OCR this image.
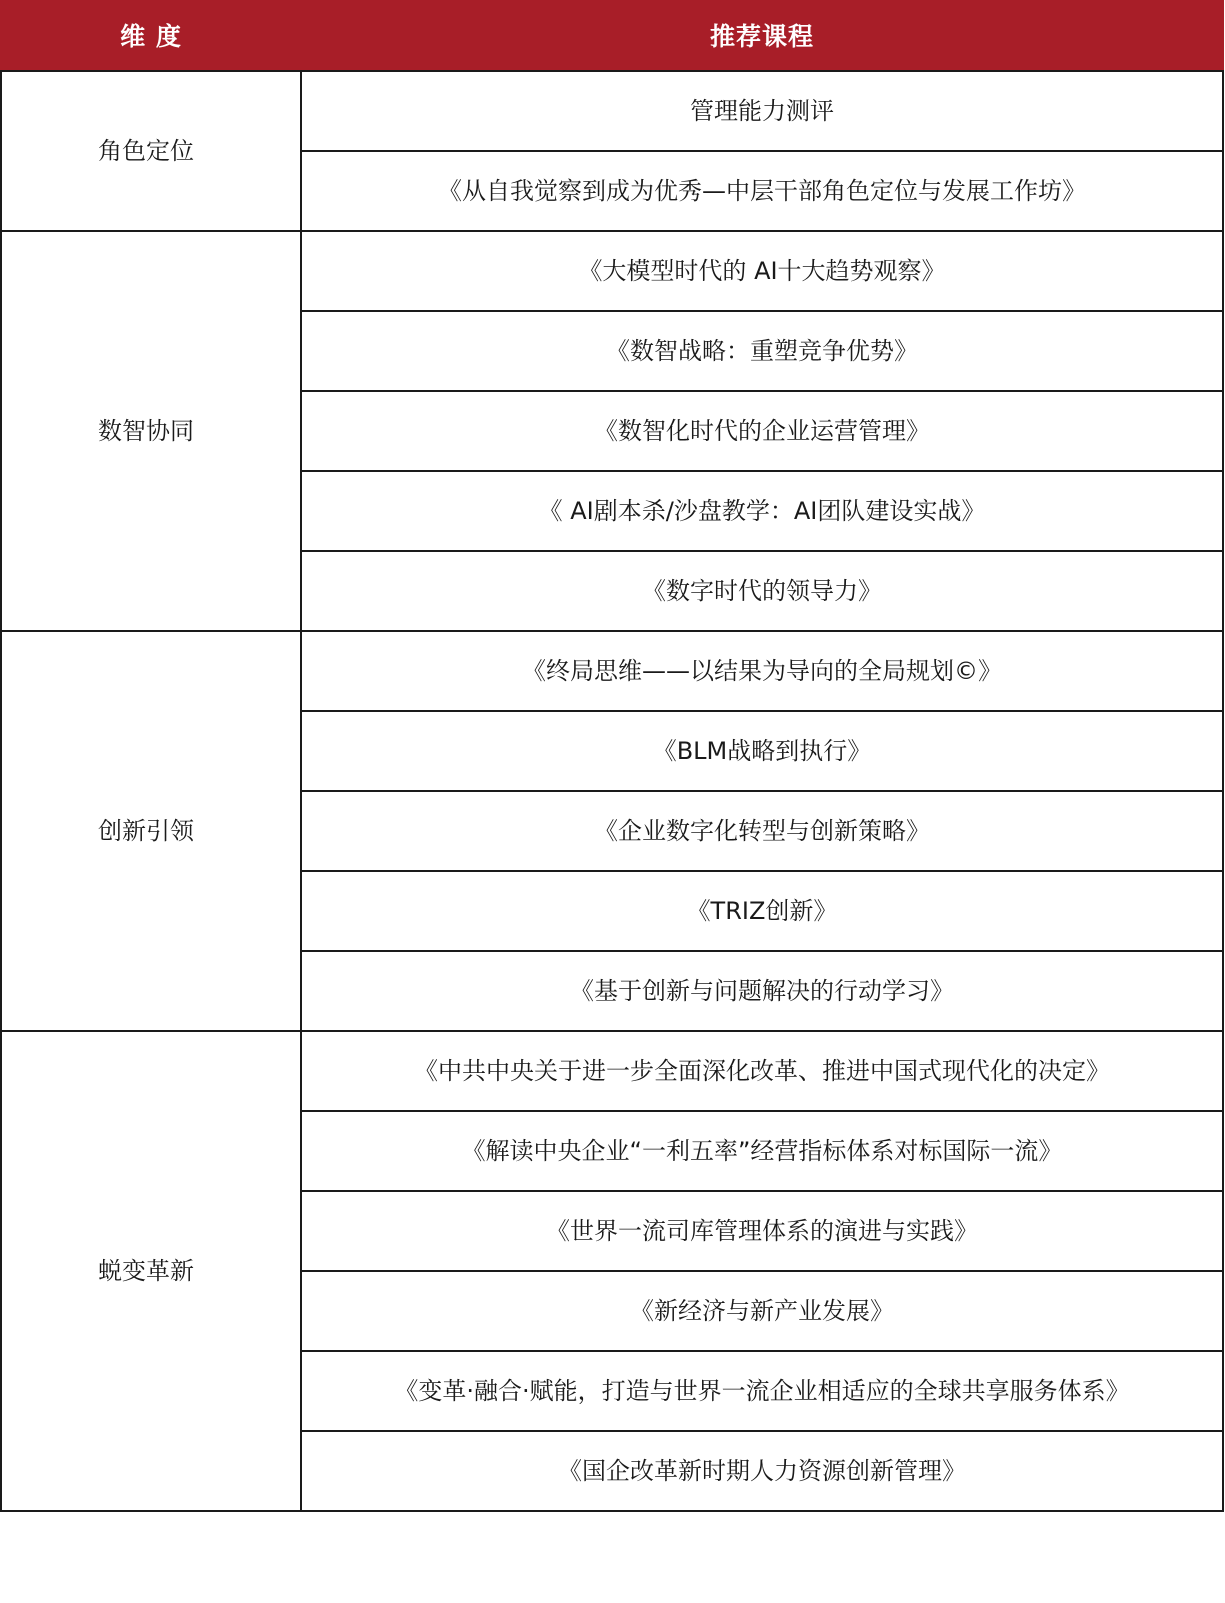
维 度	推荐课程
角色定位	管理能力测评
	《从自我觉察到成为优秀—中层干部角色定位与发展工作坊》
数智协同	《大模型时代的 AI十大趋势观察》
	《数智战略：重塑竞争优势》
	《数智化时代的企业运营管理》
	《 AI剧本杀/沙盘教学：AI团队建设实战》
	《数字时代的领导力》
创新引领	《终局思维——以结果为导向的全局规划©》
	《BLM战略到执行》
	《企业数字化转型与创新策略》
	《TRIZ创新》
	《基于创新与问题解决的行动学习》
蜕变革新	《中共中央关于进一步全面深化改革、推进中国式现代化的决定》
	《解读中央企业“一利五率”经营指标体系对标国际一流》
	《世界一流司库管理体系的演进与实践》
	《新经济与新产业发展》
	《变革·融合·赋能，打造与世界一流企业相适应的全球共享服务体系》
	《国企改革新时期人力资源创新管理》
